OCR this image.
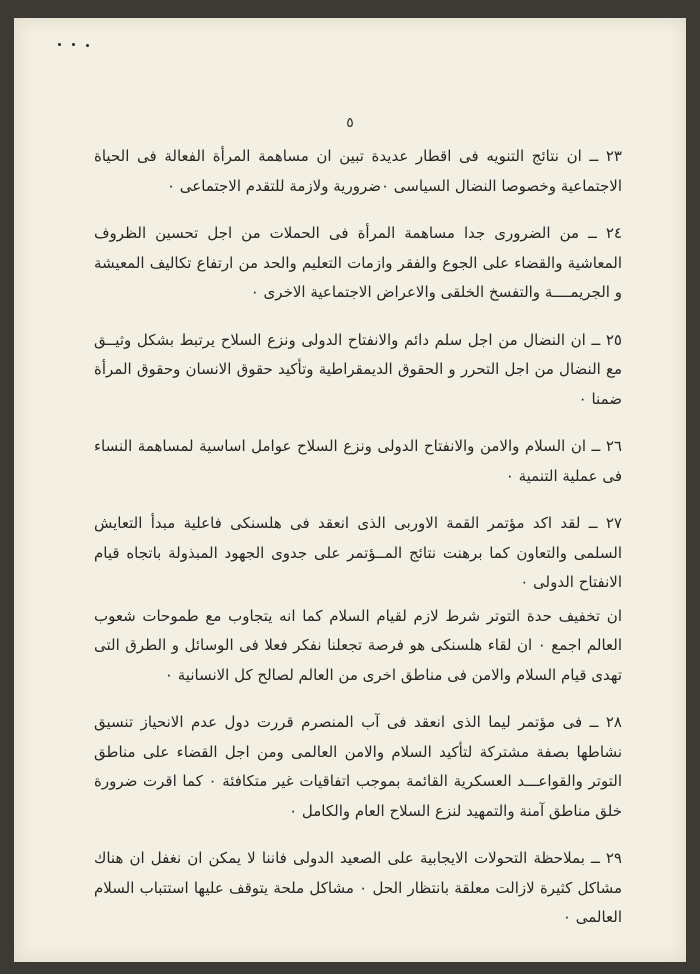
٥

٢٣ ــ ان نتائج التنويه فى اقطار عديدة تبين ان مساهمة المرأة الفعالة فى الحياة الاجتماعية وخصوصا النضال السياسى ٠ضرورية ولازمة للتقدم الاجتماعى ٠

٢٤ ــ من الضرورى جدا مساهمة المرأة فى الحملات من اجل تحسين الظروف المعاشية والقضاء على الجوع والفقر وازمات التعليم والحد من ارتفاع تكاليف المعيشة و الجريمــــة والتفسخ الخلقى والاعراض الاجتماعية الاخرى ٠

٢٥ ــ ان النضال من اجل سلم دائم والانفتاح الدولى ونزع السلاح يرتبط بشكل وثيــق مع النضال من اجل التحرر و الحقوق الديمقراطية وتأكيد حقوق الانسان وحقوق المرأة ضمنا ٠

٢٦ ــ ان السلام والامن والانفتاح الدولى ونزع السلاح عوامل اساسية لمساهمة النساء فى عملية التنمية ٠

٢٧ ــ لقد اكد مؤتمر القمة الاوربى الذى انعقد فى هلسنكى فاعلية مبدأ التعايش السلمى والتعاون كما برهنت نتائج المــؤتمر على جدوى الجهود المبذولة باتجاه قيام الانفتاح الدولى ٠

ان تخفيف حدة التوتر شرط لازم لقيام السلام كما انه يتجاوب مع طموحات شعوب العالم اجمع ٠ ان لقاء هلسنكى هو فرصة تجعلنا نفكر فعلا فى الوسائل و الطرق التى تهدى قيام السلام والامن فى مناطق اخرى من العالم لصالح كل الانسانية ٠

٢٨ ــ فى مؤتمر ليما الذى انعقد فى آب المنصرم قررت دول عدم الانحياز تنسيق نشاطها بصفة مشتركة لتأكيد السلام والامن العالمى ومن اجل القضاء على مناطق التوتر والقواعـــد العسكرية القائمة بموجب اتفاقيات غير متكافئة ٠ كما اقرت ضرورة خلق مناطق آمنة والتمهيد لنزع السلاح العام والكامل ٠

٢٩ ــ بملاحظة التحولات الايجابية على الصعيد الدولى فاننا لا يمكن ان نغفل ان هناك مشاكل كثيرة لازالت معلقة بانتظار الحل ٠ مشاكل ملحة يتوقف عليها استتباب السلام العالمى ٠
